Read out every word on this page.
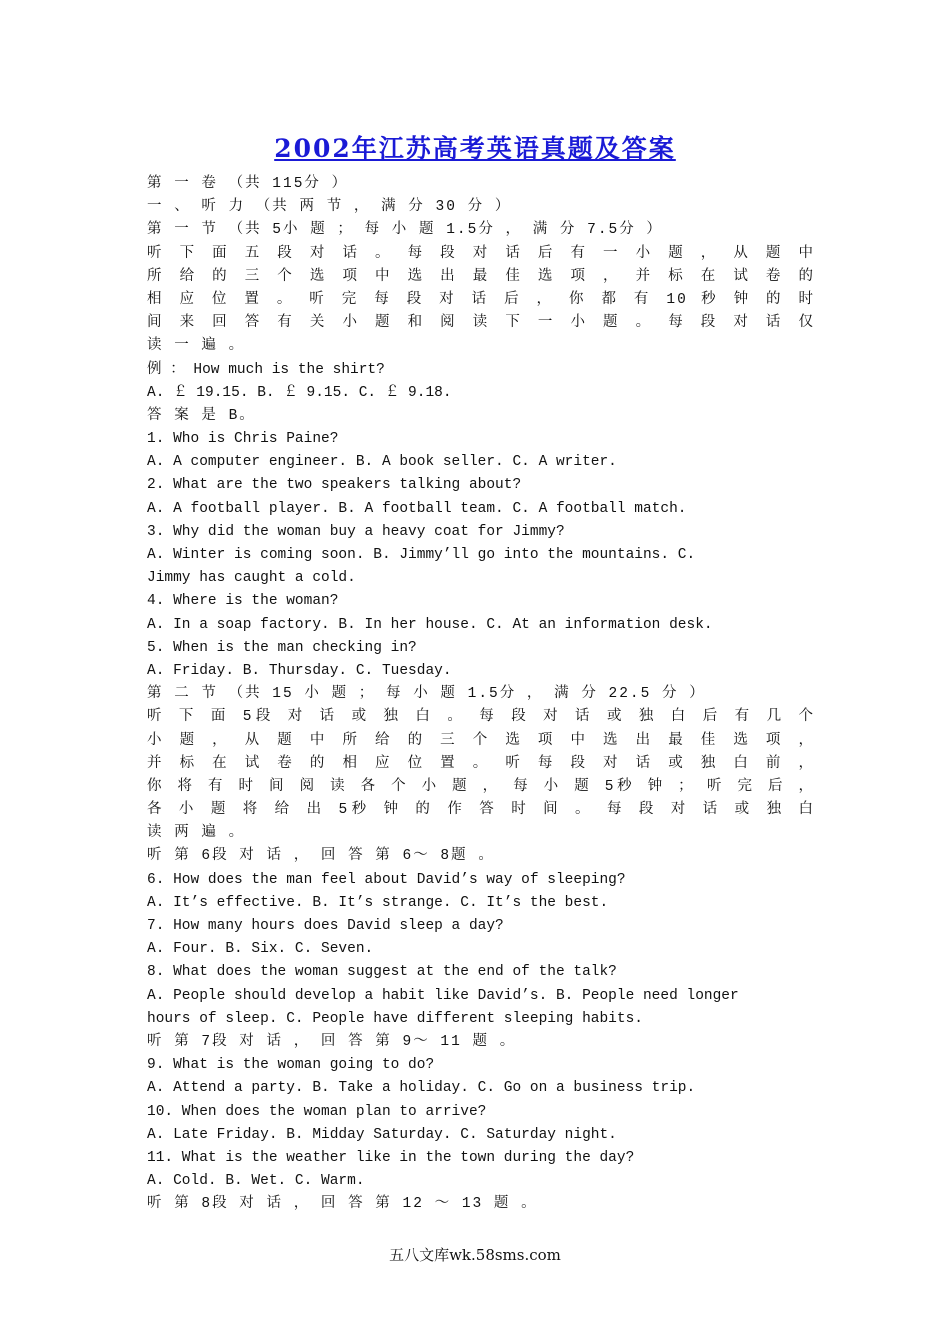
2002年江苏高考英语真题及答案
第 一 卷 （共 115分 ）
一 、 听 力 （共 两 节 ， 满 分 30 分 ）
第 一 节 （共 5小 题 ； 每 小 题 1.5分 ， 满 分 7.5分 ）
听 下 面 五 段 对 话 。 每 段 对 话 后 有 一 小 题 ， 从 题 中
所 给 的 三 个 选 项 中 选 出 最 佳 选 项 ， 并 标 在 试 卷 的
相 应 位 置 。 听 完 每 段 对 话 后 ， 你 都 有 10 秒 钟 的 时
间 来 回 答 有 关 小 题 和 阅 读 下 一 小 题 。 每 段 对 话 仅
读 一 遍 。
例 ： How much is the shirt?
A. ￡ 19.15. B. ￡ 9.15. C. ￡ 9.18.
答 案 是 B。
1. Who is Chris Paine?
A. A computer engineer. B. A book seller. C. A writer.
2. What are the two speakers talking about?
A. A football player. B. A football team. C. A football match.
3. Why did the woman buy a heavy coat for Jimmy?
A. Winter is coming soon. B. Jimmy’ll go into the mountains. C.
Jimmy has caught a cold.
4. Where is the woman?
A. In a soap factory. B. In her house. C. At an information desk.
5. When is the man checking in?
A. Friday. B. Thursday. C. Tuesday.
第 二 节 （共 15 小 题 ； 每 小 题 1.5分 ， 满 分 22.5 分 ）
听 下 面 5段 对 话 或 独 白 。 每 段 对 话 或 独 白 后 有 几 个
小 题 ， 从 题 中 所 给 的 三 个 选 项 中 选 出 最 佳 选 项 ，
并 标 在 试 卷 的 相 应 位 置 。 听 每 段 对 话 或 独 白 前 ，
你 将 有 时 间 阅 读 各 个 小 题 ， 每 小 题 5秒 钟 ； 听 完 后 ，
各 小 题 将 给 出 5秒 钟 的 作 答 时 间 。 每 段 对 话 或 独 白
读 两 遍 。
听 第 6段 对 话 ， 回 答 第 6～ 8题 。
6. How does the man feel about David’s way of sleeping?
A. It’s effective. B. It’s strange. C. It’s the best.
7. How many hours does David sleep a day?
A. Four. B. Six. C. Seven.
8. What does the woman suggest at the end of the talk?
A. People should develop a habit like David’s. B. People need longer
hours of sleep. C. People have different sleeping habits.
听 第 7段 对 话 ， 回 答 第 9～ 11 题 。
9. What is the woman going to do?
A. Attend a party. B. Take a holiday. C. Go on a business trip.
10. When does the woman plan to arrive?
A. Late Friday. B. Midday Saturday. C. Saturday night.
11. What is the weather like in the town during the day?
A. Cold. B. Wet. C. Warm.
听 第 8段 对 话 ， 回 答 第 12 ～ 13 题 。
五八文库wk.58sms.com
